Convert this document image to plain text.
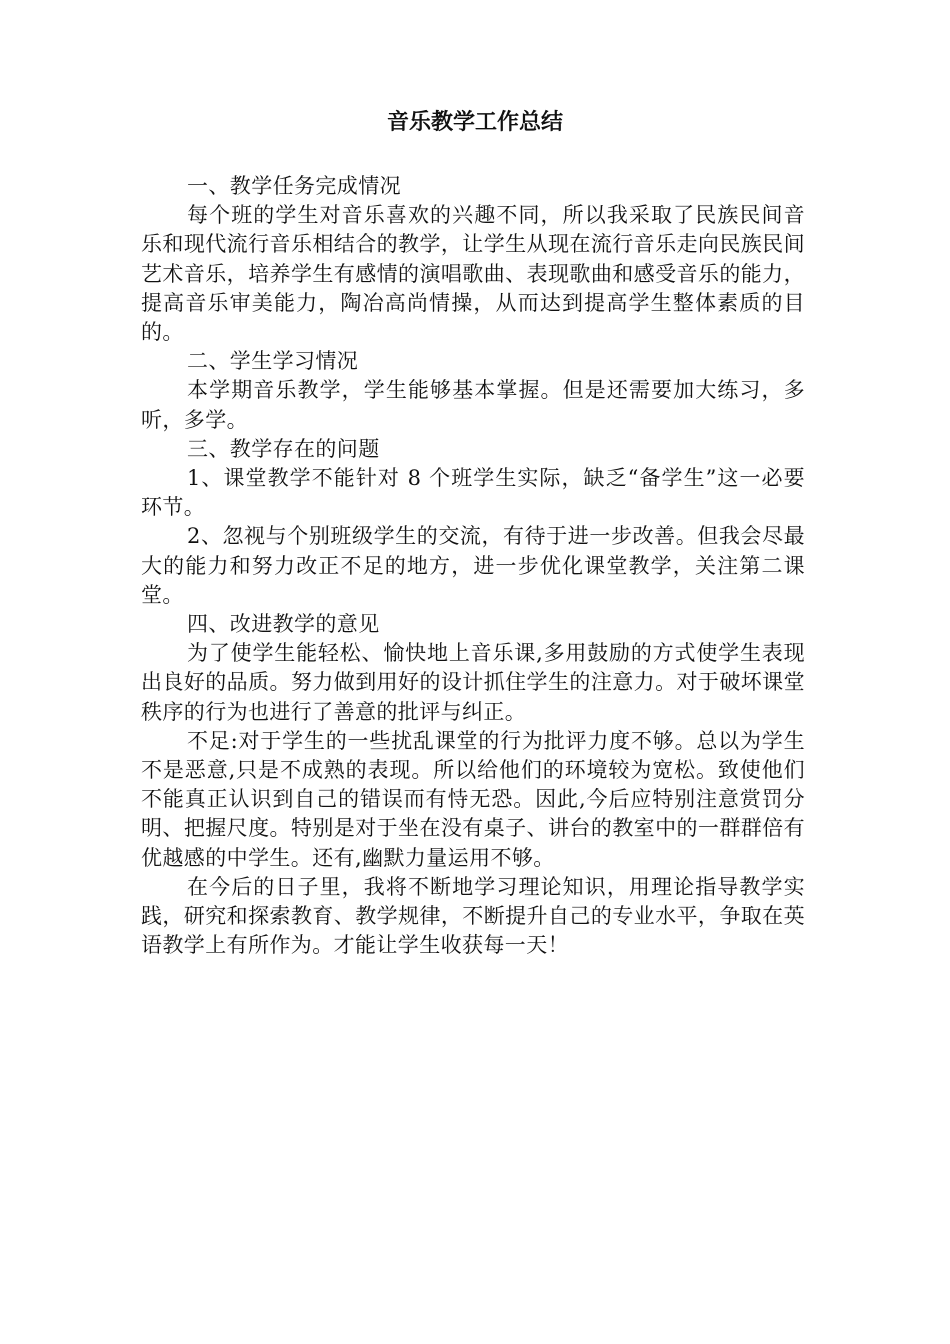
音乐教学工作总结

一、教学任务完成情况

每个班的学生对音乐喜欢的兴趣不同，所以我采取了民族民间音乐和现代流行音乐相结合的教学，让学生从现在流行音乐走向民族民间艺术音乐，培养学生有感情的演唱歌曲、表现歌曲和感受音乐的能力，提高音乐审美能力，陶冶高尚情操，从而达到提高学生整体素质的目的。

二、学生学习情况

本学期音乐教学，学生能够基本掌握。但是还需要加大练习，多听，多学。

三、教学存在的问题

1、课堂教学不能针对 8 个班学生实际，缺乏“备学生”这一必要环节。

2、忽视与个别班级学生的交流，有待于进一步改善。但我会尽最大的能力和努力改正不足的地方，进一步优化课堂教学，关注第二课堂。

四、改进教学的意见

为了使学生能轻松、愉快地上音乐课,多用鼓励的方式使学生表现出良好的品质。努力做到用好的设计抓住学生的注意力。对于破坏课堂秩序的行为也进行了善意的批评与纠正。

不足:对于学生的一些扰乱课堂的行为批评力度不够。总以为学生不是恶意,只是不成熟的表现。所以给他们的环境较为宽松。致使他们不能真正认识到自己的错误而有恃无恐。因此,今后应特别注意赏罚分明、把握尺度。特别是对于坐在没有桌子、讲台的教室中的一群群倍有优越感的中学生。还有,幽默力量运用不够。

在今后的日子里，我将不断地学习理论知识，用理论指导教学实践，研究和探索教育、教学规律，不断提升自己的专业水平，争取在英语教学上有所作为。才能让学生收获每一天！
